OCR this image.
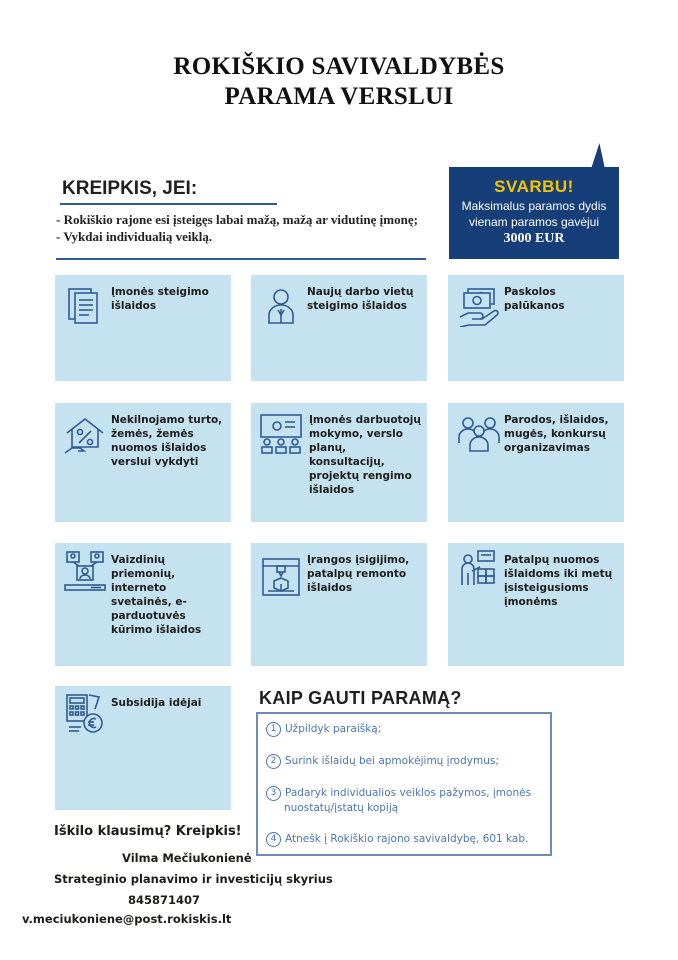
ROKIŠKIO SAVIVALDYBĖS
PARAMA VERSLUI
KREIPKIS, JEI:
- Rokiškio rajone esi įsteigęs labai mažą, mažą ar vidutinę įmonę;
- Vykdai individualią veiklą.
SVARBU!
Maksimalus paramos dydis
vienam paramos gavėjui
3000 EUR
Įmonės steigimo išlaidos
Naujų darbo vietų steigimo išlaidos
Paskolos palūkanos
Nekilnojamo turto, žemės, žemės nuomos išlaidos verslui vykdyti
Įmonės darbuotojų mokymo, verslo planų, konsultacijų, projektų rengimo išlaidos
Parodos, išlaidos, mugės, konkursų organizavimas
Vaizdinių priemonių, interneto svetainės, e-parduotuvės kūrimo išlaidos
Įrangos įsigijimo, patalpų remonto išlaidos
Patalpų nuomos išlaidoms iki metų įsisteigusioms įmonėms
Subsidija idėjai	KAIP GAUTI PARAMĄ?
1 Užpildyk paraišką;
2 Surink išlaidų bei apmokėjimų įrodymus;
3 Padaryk individualios veiklos pažymos, įmonės
nuostatų/įstatų kopiją
4 Atnešk į Rokiškio rajono savivaldybę, 601 kab.
Iškilo klausimų? Kreipkis!
Vilma Mečiukonienė
Strateginio planavimo ir investicijų skyrius
845871407
v.meciukoniene@post.rokiskis.lt
